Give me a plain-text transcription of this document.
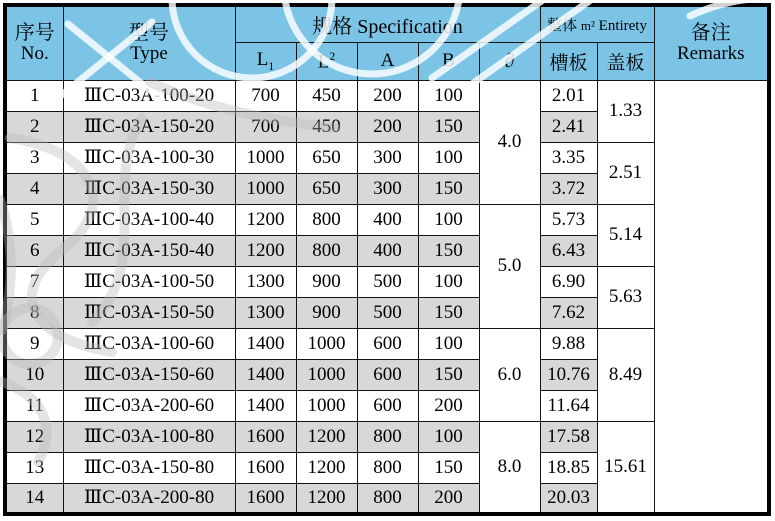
序号
No.

型号
Type
	规格 Specification	整体 m² Entirety	备注
Remarks

		$L_1$	$L^2$	A	B	∂	槽板	盖板	
1	ⅢC-03A-100-20	700	450	200	100	4.0	2.01	1.33	
2	ⅢC-03A-150-20	700	450	200	150		2.41		
3	ⅢC-03A-100-30	1000	650	300	100		3.35	2.51	
4	ⅢC-03A-150-30	1000	650	300	150		3.72		
5	ⅢC-03A-100-40	1200	800	400	100	5.0	5.73	5.14	
6	ⅢC-03A-150-40	1200	800	400	150		6.43		
7	ⅢC-03A-100-50	1300	900	500	100		6.90	5.63	
8	ⅢC-03A-150-50	1300	900	500	150		7.62		
9	ⅢC-03A-100-60	1400	1000	600	100	6.0	9.88	8.49	
10	ⅢC-03A-150-60	1400	1000	600	150		10.76		
11	ⅢC-03A-200-60	1400	1000	600	200		11.64		
12	ⅢC-03A-100-80	1600	1200	800	100	8.0	17.58	15.61	
13	ⅢC-03A-150-80	1600	1200	800	150		18.85		
14	ⅢC-03A-200-80	1600	1200	800	200		20.03		
